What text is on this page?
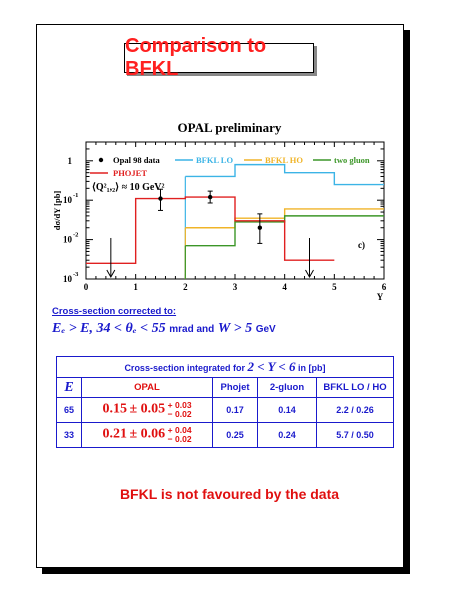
Comparison to BFKL
OPAL preliminary
0	1	2	3	4	5	6
Y
1
10 -1
10 -2
10 -3
dσ/dY [pb]
Opal 98 data	BFKL LO	BFKL HO	two gluon
PHOJET
⟨Q²₁,₂⟩ ≈ 10 GeV²
c)
Cross-section corrected to:
Eₑ > E, 34 < θₑ < 55 mrad and W > 5 GeV
Cross-section integrated for 2 < Y < 6 in [pb]				
E	OPAL	Phojet	2-gluon	BFKL LO / HO
65	0.15 ± 0.05 + 0.03
− 0.02	0.17	0.14	2.2 / 0.26
33	0.21 ± 0.06 + 0.04
− 0.02	0.25	0.24	5.7 / 0.50
BFKL is not favoured by the data
